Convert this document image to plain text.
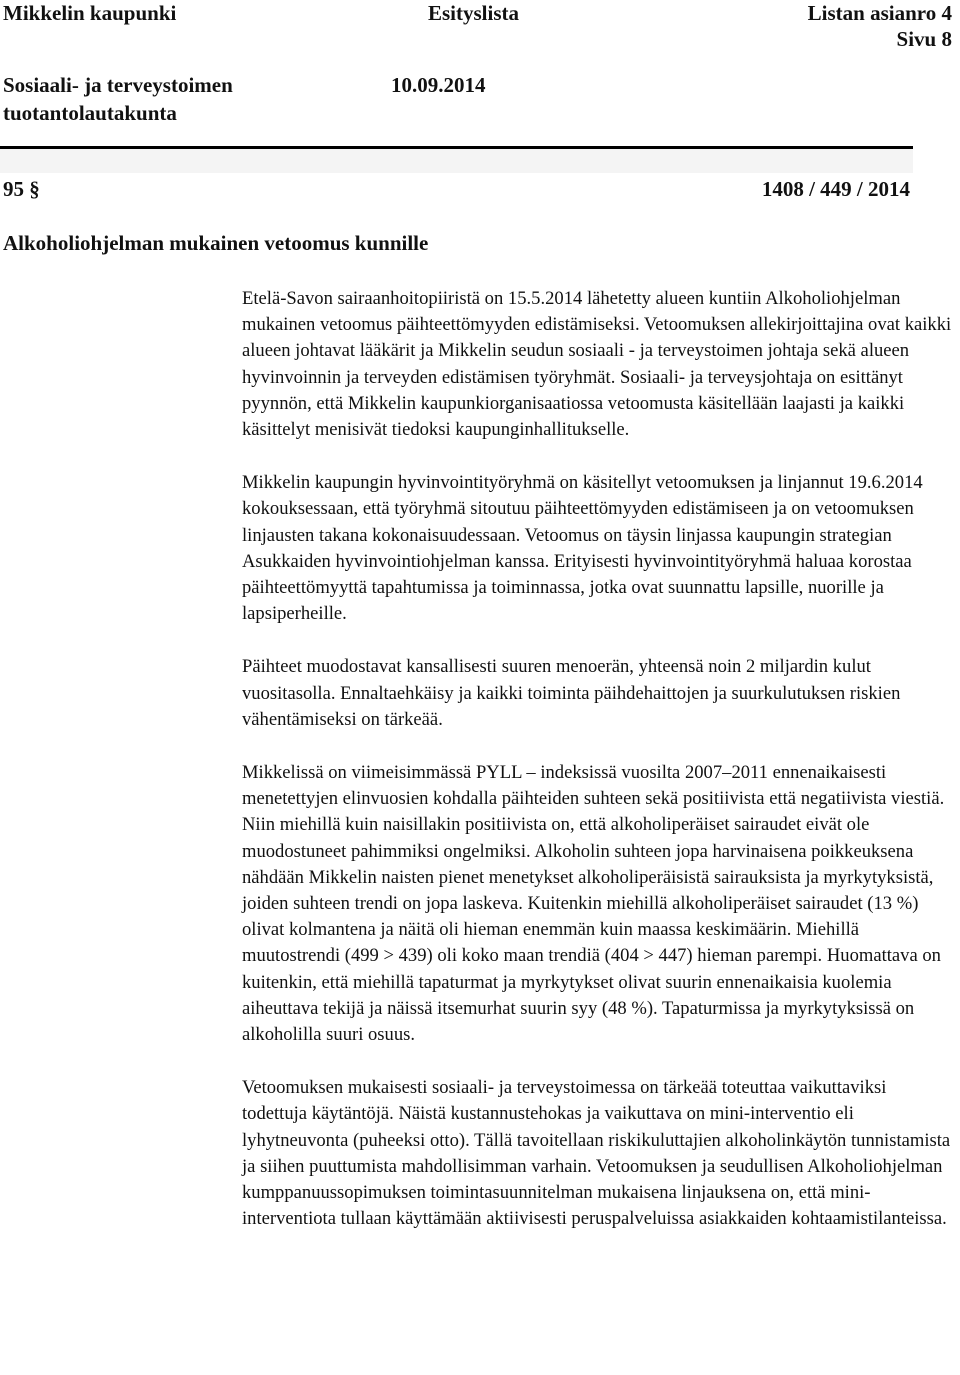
Mikkelin kaupunki	Esityslista	Listan asianro 4
Sivu 8
Sosiaali- ja terveystoimen
tuotantolautakunta
10.09.2014
95 §	1408 / 449 / 2014
Alkoholiohjelman mukainen vetoomus kunnille

Etelä-Savon sairaanhoitopiiristä on 15.5.2014 lähetetty alueen kuntiin Alkoholiohjelman mukainen vetoomus päihteettömyyden edistämiseksi. Vetoomuksen allekirjoittajina ovat kaikki alueen johtavat lääkärit ja Mikkelin seudun sosiaali - ja terveystoimen johtaja sekä alueen hyvinvoinnin ja terveyden edistämisen työryhmät. Sosiaali- ja terveysjohtaja on esittänyt pyynnön, että Mikkelin kaupunkiorganisaatiossa vetoomusta käsitellään laajasti ja kaikki käsittelyt menisivät tiedoksi kaupunginhallitukselle.

Mikkelin kaupungin hyvinvointityöryhmä on käsitellyt vetoomuksen ja linjannut 19.6.2014 kokouksessaan, että työryhmä sitoutuu päihteettömyyden edistämiseen ja on vetoomuksen linjausten takana kokonaisuudessaan. Vetoomus on täysin linjassa kaupungin strategian Asukkaiden hyvinvointiohjelman kanssa. Erityisesti hyvinvointityöryhmä haluaa korostaa päihteettömyyttä tapahtumissa ja toiminnassa, jotka ovat suunnattu lapsille, nuorille ja lapsiperheille.

Päihteet muodostavat kansallisesti suuren menoerän, yhteensä noin 2 miljardin kulut vuositasolla. Ennaltaehkäisy ja kaikki toiminta päihdehaittojen ja suurkulutuksen riskien vähentämiseksi on tärkeää.

Mikkelissä on viimeisimmässä PYLL – indeksissä vuosilta 2007–2011 ennenaikaisesti menetettyjen elinvuosien kohdalla päihteiden suhteen sekä positiivista että negatiivista viestiä. Niin miehillä kuin naisillakin positiivista on, että alkoholiperäiset sairaudet eivät ole muodostuneet pahimmiksi ongelmiksi. Alkoholin suhteen jopa harvinaisena poikkeuksena nähdään Mikkelin naisten pienet menetykset alkoholiperäisistä sairauksista ja myrkytyksistä, joiden suhteen trendi on jopa laskeva. Kuitenkin miehillä alkoholiperäiset sairaudet (13 %) olivat kolmantena ja näitä oli hieman enemmän kuin maassa keskimäärin. Miehillä muutostrendi (499 > 439) oli koko maan trendiä (404 > 447) hieman parempi. Huomattava on kuitenkin, että miehillä tapaturmat ja myrkytykset olivat suurin ennenaikaisia kuolemia aiheuttava tekijä ja näissä itsemurhat suurin syy (48 %). Tapaturmissa ja myrkytyksissä on alkoholilla suuri osuus.

Vetoomuksen mukaisesti sosiaali- ja terveystoimessa on tärkeää toteuttaa vaikuttaviksi todettuja käytäntöjä. Näistä kustannustehokas ja vaikuttava on mini-interventio eli lyhytneuvonta (puheeksi otto). Tällä tavoitellaan riskikuluttajien alkoholinkäytön tunnistamista ja siihen puuttumista mahdollisimman varhain. Vetoomuksen ja seudullisen Alkoholiohjelman kumppanuussopimuksen toimintasuunnitelman mukaisena linjauksena on, että mini-interventiota tullaan käyttämään aktiivisesti peruspalveluissa asiakkaiden kohtaamistilanteissa.
